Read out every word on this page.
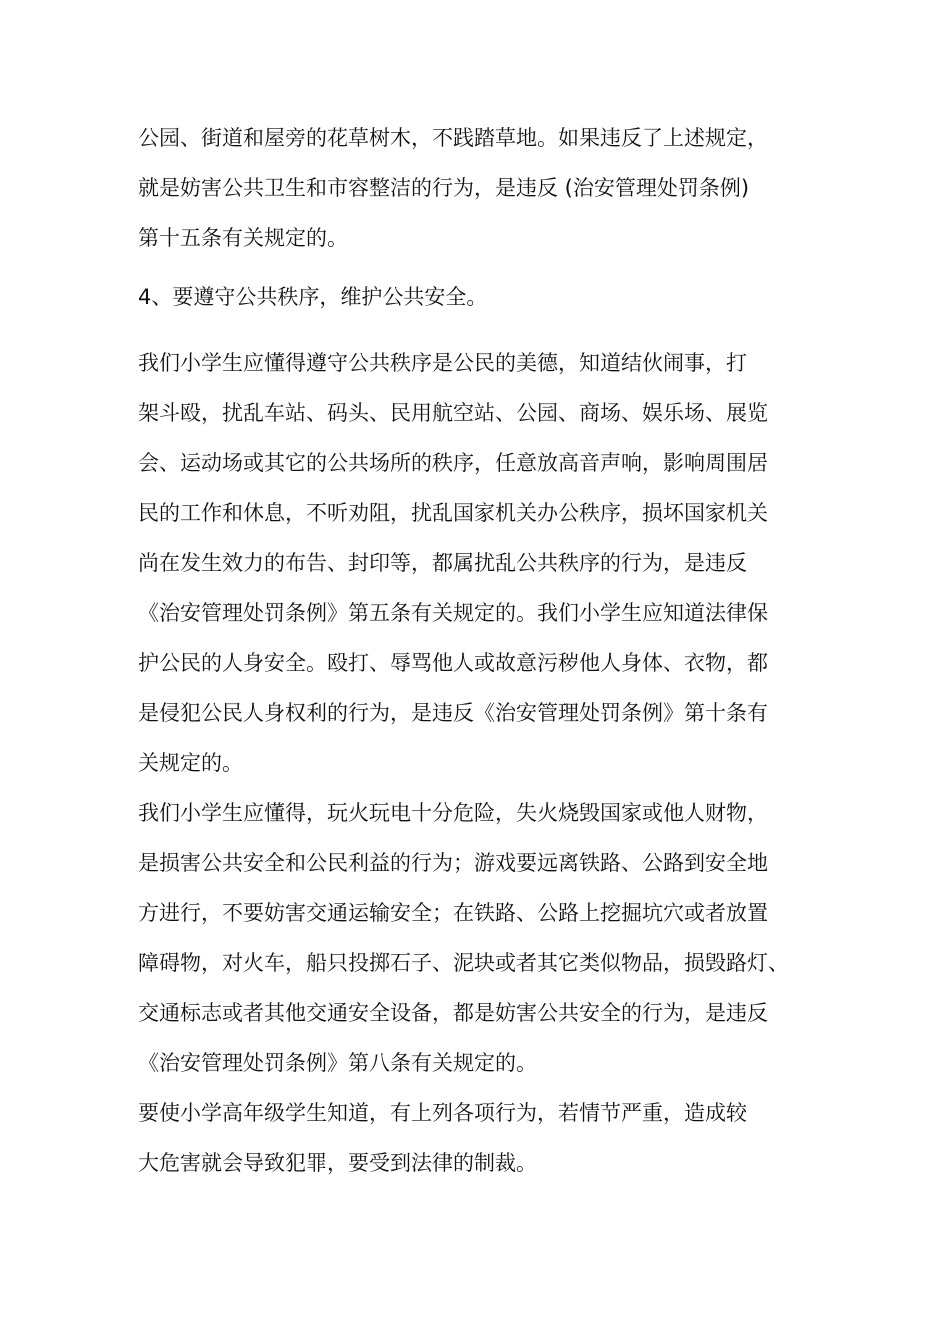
公园、街道和屋旁的花草树木，不践踏草地。如果违反了上述规定，

就是妨害公共卫生和市容整洁的行为，是违反 (治安管理处罚条例)

第十五条有关规定的。

4、要遵守公共秩序，维护公共安全。

我们小学生应懂得遵守公共秩序是公民的美德，知道结伙闹事，打

架斗殴，扰乱车站、码头、民用航空站、公园、商场、娱乐场、展览

会、运动场或其它的公共场所的秩序，任意放高音声响，影响周围居

民的工作和休息，不听劝阻，扰乱国家机关办公秩序，损坏国家机关

尚在发生效力的布告、封印等，都属扰乱公共秩序的行为，是违反

《治安管理处罚条例》第五条有关规定的。我们小学生应知道法律保

护公民的人身安全。殴打、辱骂他人或故意污秽他人身体、衣物，都

是侵犯公民人身权利的行为，是违反《治安管理处罚条例》第十条有

关规定的。

我们小学生应懂得，玩火玩电十分危险，失火烧毁国家或他人财物，

是损害公共安全和公民利益的行为；游戏要远离铁路、公路到安全地

方进行，不要妨害交通运输安全；在铁路、公路上挖掘坑穴或者放置

障碍物，对火车，船只投掷石子、泥块或者其它类似物品，损毁路灯、

交通标志或者其他交通安全设备，都是妨害公共安全的行为，是违反

《治安管理处罚条例》第八条有关规定的。

要使小学高年级学生知道，有上列各项行为，若情节严重，造成较

大危害就会导致犯罪，要受到法律的制裁。
